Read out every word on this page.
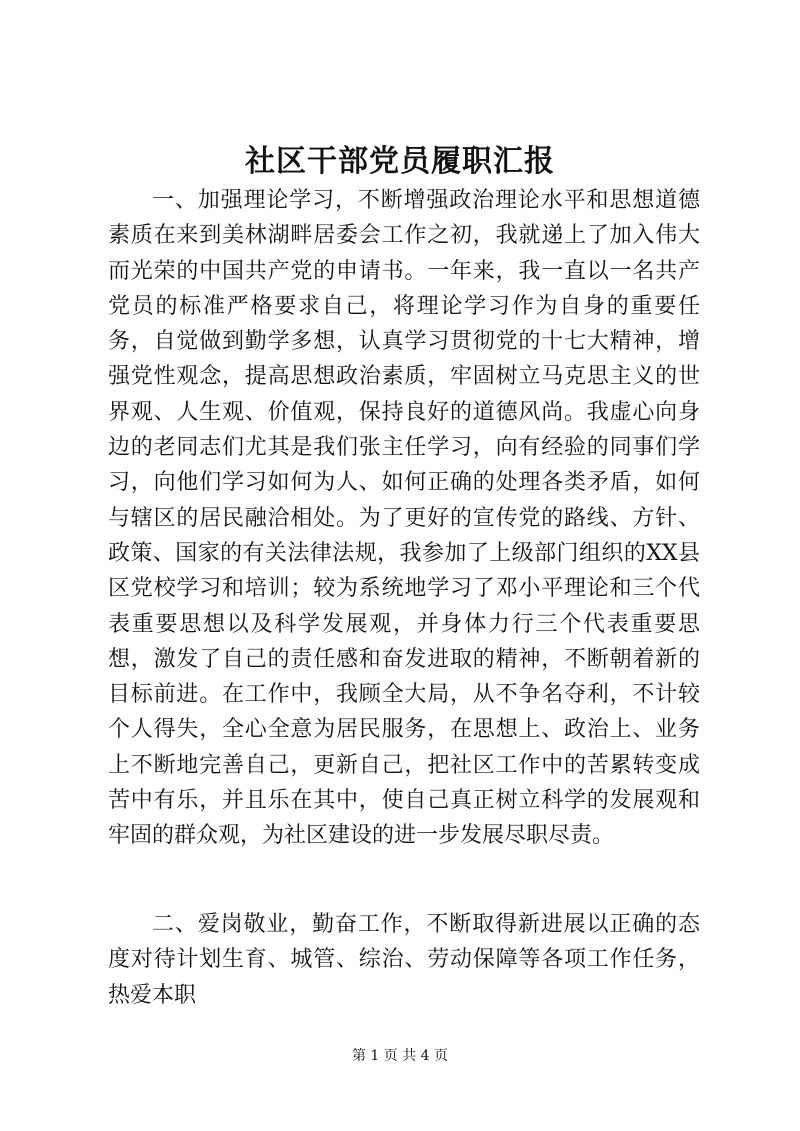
社区干部党员履职汇报

一、加强理论学习，不断增强政治理论水平和思想道德素质在来到美林湖畔居委会工作之初，我就递上了加入伟大而光荣的中国共产党的申请书。一年来，我一直以一名共产党员的标准严格要求自己，将理论学习作为自身的重要任务，自觉做到勤学多想，认真学习贯彻党的十七大精神，增强党性观念，提高思想政治素质，牢固树立马克思主义的世界观、人生观、价值观，保持良好的道德风尚。我虚心向身边的老同志们尤其是我们张主任学习，向有经验的同事们学习，向他们学习如何为人、如何正确的处理各类矛盾，如何与辖区的居民融洽相处。为了更好的宣传党的路线、方针、政策、国家的有关法律法规，我参加了上级部门组织的XX县区党校学习和培训；较为系统地学习了邓小平理论和三个代表重要思想以及科学发展观，并身体力行三个代表重要思想，激发了自己的责任感和奋发进取的精神，不断朝着新的目标前进。在工作中，我顾全大局，从不争名夺利，不计较个人得失，全心全意为居民服务，在思想上、政治上、业务上不断地完善自己，更新自己，把社区工作中的苦累转变成苦中有乐，并且乐在其中，使自己真正树立科学的发展观和牢固的群众观，为社区建设的进一步发展尽职尽责。

二、爱岗敬业，勤奋工作，不断取得新进展以正确的态度对待计划生育、城管、综治、劳动保障等各项工作任务，热爱本职

第 1 页 共 4 页
